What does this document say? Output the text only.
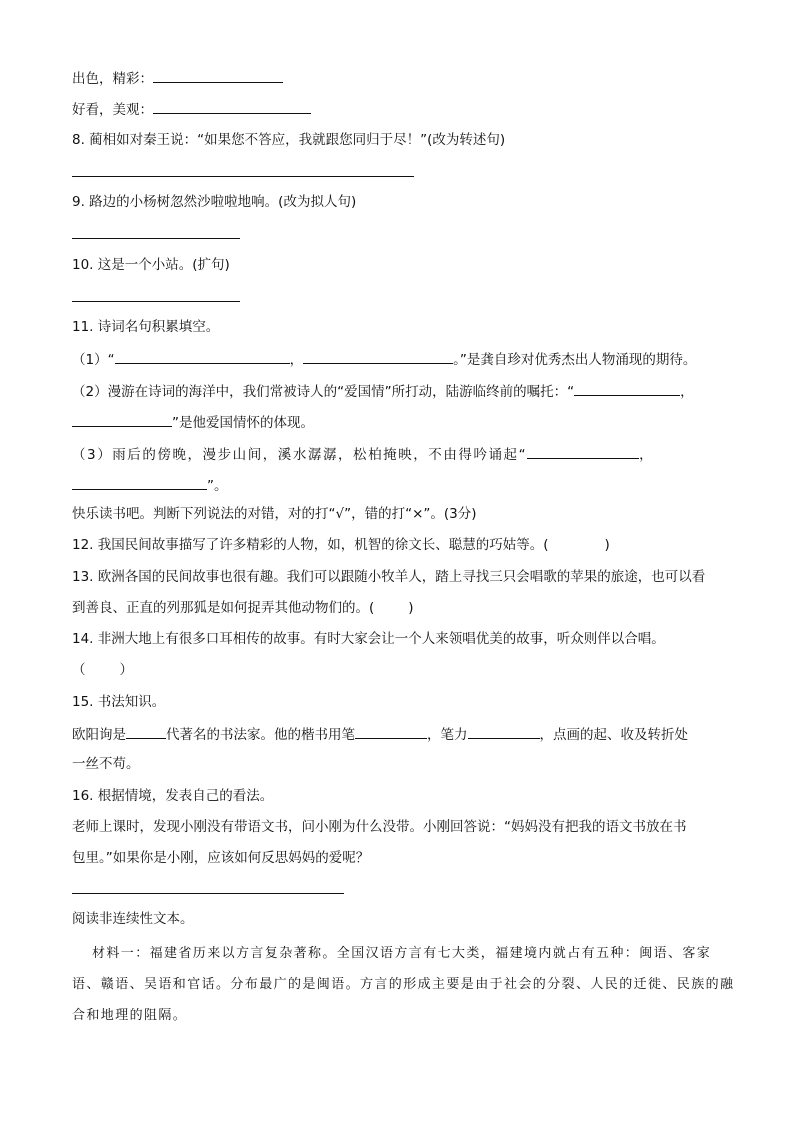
出色，精彩：
好看，美观：
8. 蔺相如对秦王说：“如果您不答应，我就跟您同归于尽！”(改为转述句)
9. 路边的小杨树忽然沙啦啦地响。(改为拟人句)
10. 这是一个小站。(扩句)
11. 诗词名句积累填空。
（1）“	，	。”是龚自珍对优秀杰出人物涌现的期待。
（2）漫游在诗词的海洋中，我们常被诗人的“爱国情”所打动，陆游临终前的嘱托：“	，
”是他爱国情怀的体现。
（3）雨后的傍晚，漫步山间，溪水潺潺，松柏掩映，不由得吟诵起“	，
”。
快乐读书吧。判断下列说法的对错，对的打“√”，错的打“×”。(3分)
12. 我国民间故事描写了许多精彩的人物，如，机智的徐文长、聪慧的巧姑等。(	)
13. 欧洲各国的民间故事也很有趣。我们可以跟随小牧羊人，踏上寻找三只会唱歌的苹果的旅途，也可以看
到善良、正直的列那狐是如何捉弄其他动物们的。(	)
14. 非洲大地上有很多口耳相传的故事。有时大家会让一个人来领唱优美的故事，听众则伴以合唱。
（	）
15. 书法知识。
欧阳询是	代著名的书法家。他的楷书用笔	，笔力	，点画的起、收及转折处
一丝不苟。
16. 根据情境，发表自己的看法。
老师上课时，发现小刚没有带语文书，问小刚为什么没带。小刚回答说：“妈妈没有把我的语文书放在书
包里。”如果你是小刚，应该如何反思妈妈的爱呢？
阅读非连续性文本。
材料一：福建省历来以方言复杂著称。全国汉语方言有七大类，福建境内就占有五种：闽语、客家
语、赣语、吴语和官话。分布最广的是闽语。方言的形成主要是由于社会的分裂、人民的迁徙、民族的融
合和地理的阻隔。
